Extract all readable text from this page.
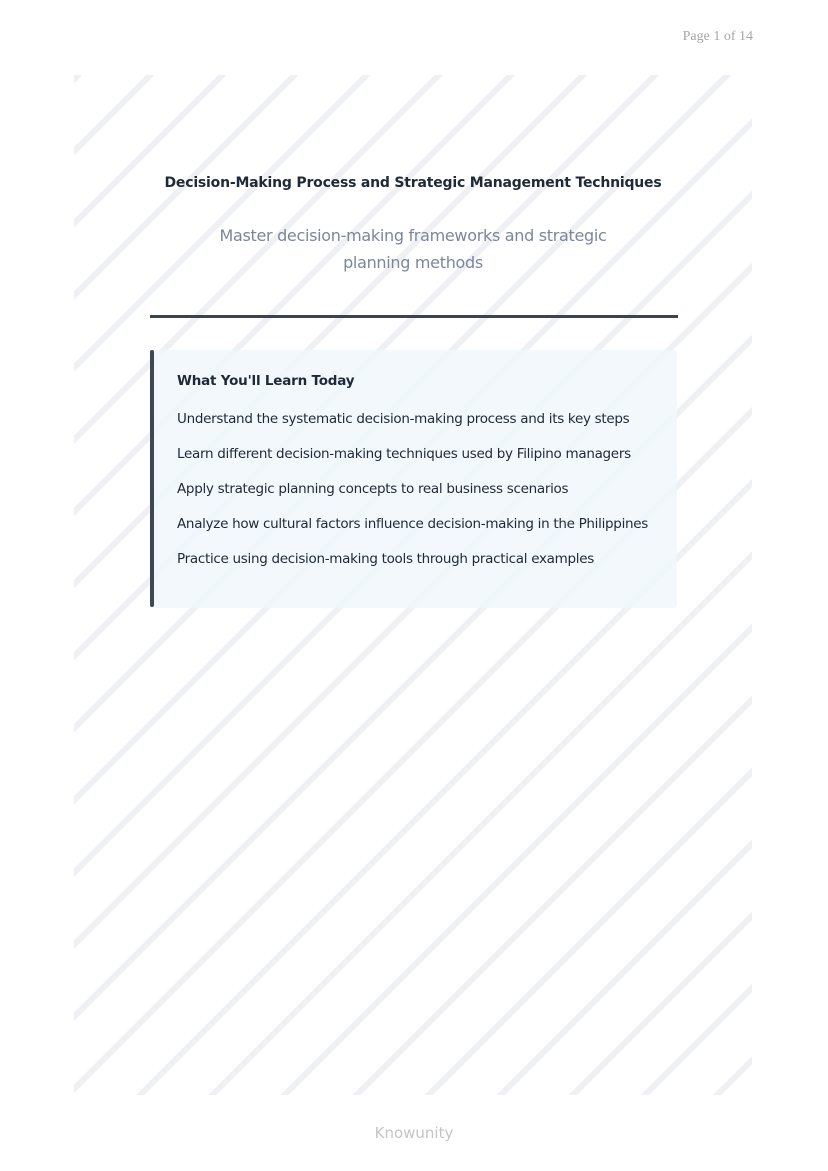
Page 1 of 14
Decision-Making Process and Strategic Management Techniques
Master decision-making frameworks and strategic planning methods
What You'll Learn Today
Understand the systematic decision-making process and its key steps
Learn different decision-making techniques used by Filipino managers
Apply strategic planning concepts to real business scenarios
Analyze how cultural factors influence decision-making in the Philippines
Practice using decision-making tools through practical examples
Knowunity
